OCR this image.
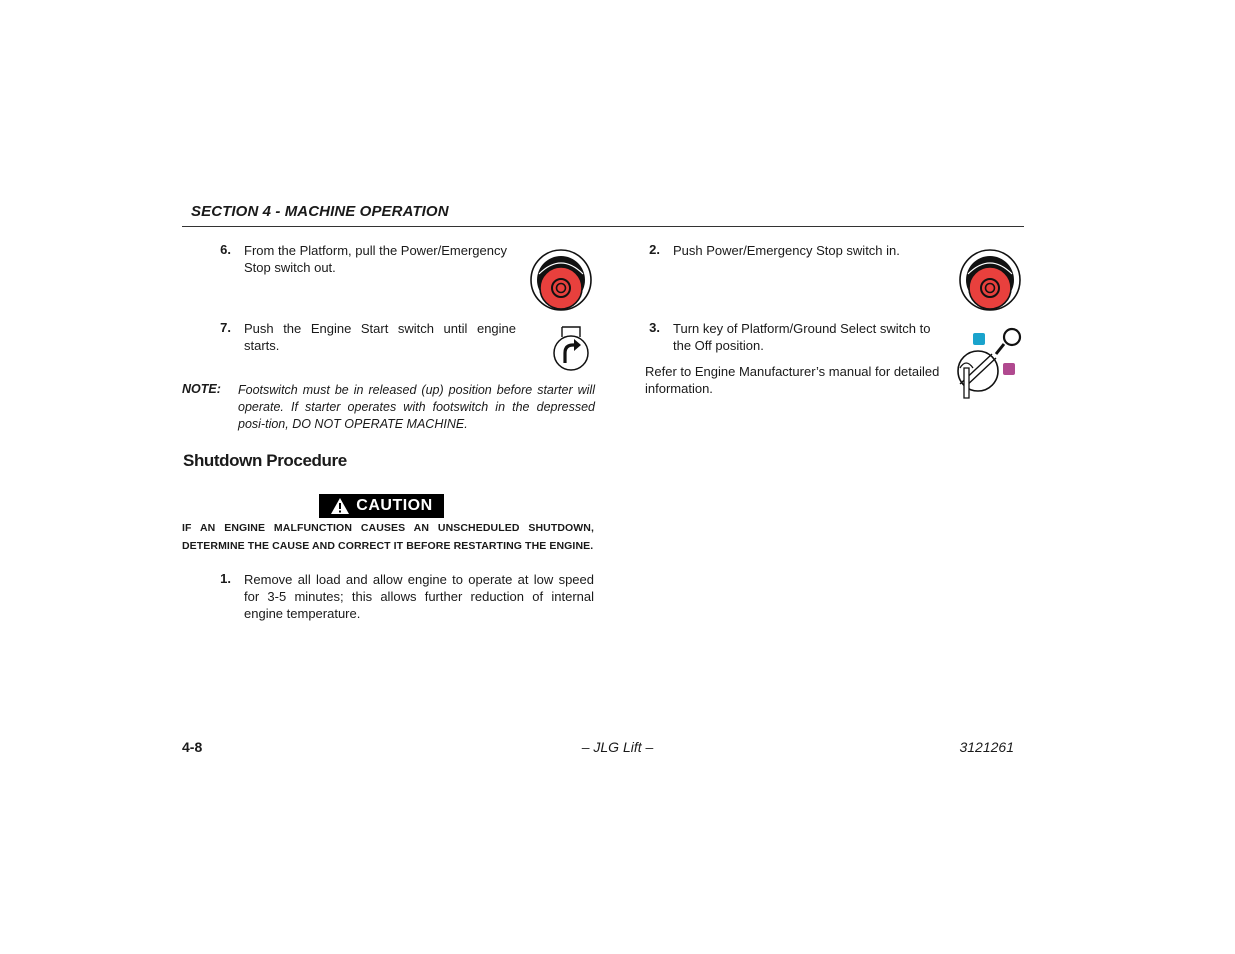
SECTION 4 - MACHINE OPERATION
6. From the Platform, pull the Power/Emergency Stop switch out.
7. Push the Engine Start switch until engine starts.
NOTE: Footswitch must be in released (up) position before starter will operate. If starter operates with footswitch in the depressed posi-tion, DO NOT OPERATE MACHINE.
Shutdown Procedure
CAUTION
IF AN ENGINE MALFUNCTION CAUSES AN UNSCHEDULED SHUTDOWN, DETERMINE THE CAUSE AND CORRECT IT BEFORE RESTARTING THE ENGINE.
1. Remove all load and allow engine to operate at low speed for 3-5 minutes; this allows further reduction of internal engine temperature.
2. Push Power/Emergency Stop switch in.
3. Turn key of Platform/Ground Select switch to the Off position.
Refer to Engine Manufacturer’s manual for detailed information.
4-8	– JLG Lift –	3121261
